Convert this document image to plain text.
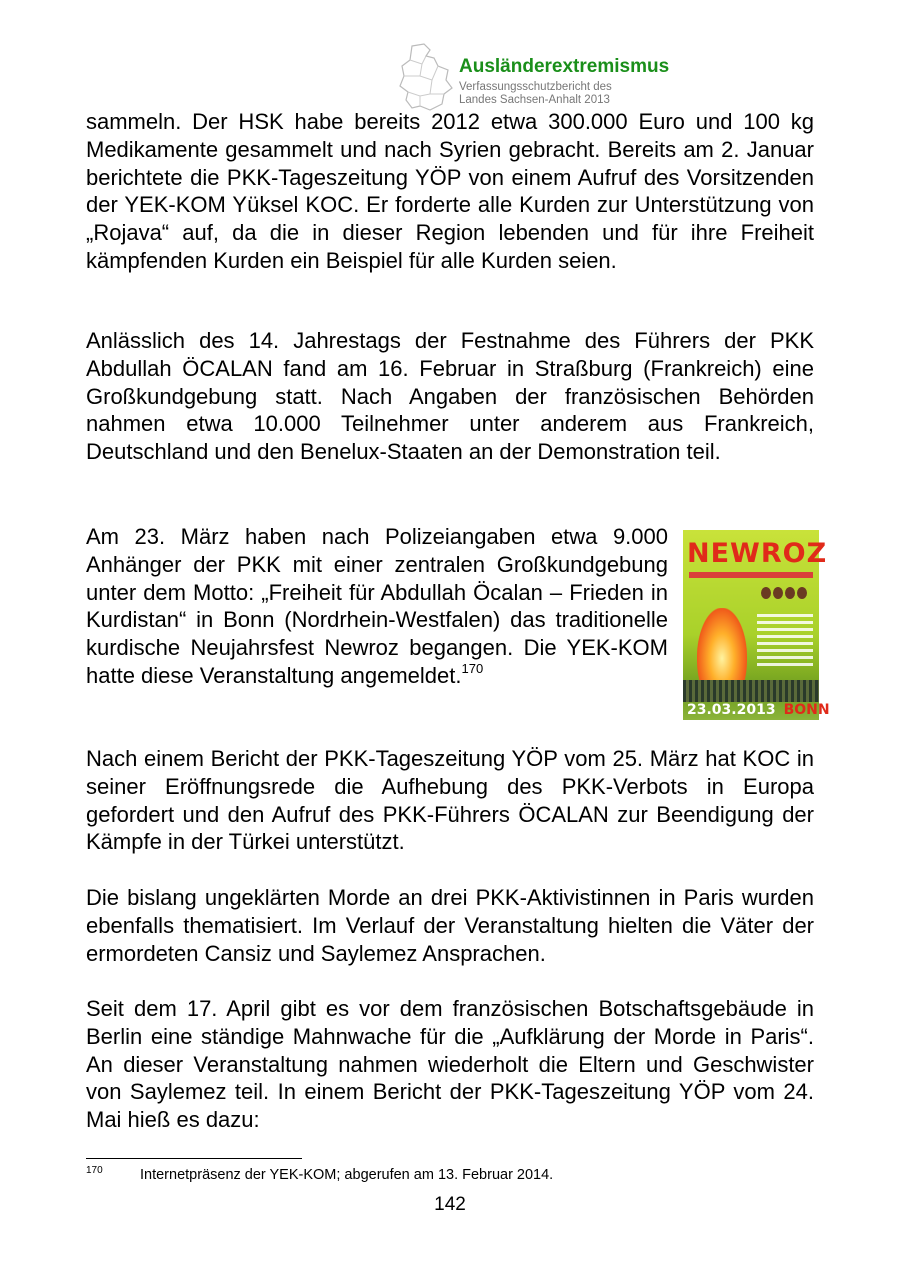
Ausländerextremismus
Verfassungsschutzbericht des
Landes Sachsen-Anhalt 2013

sammeln. Der HSK habe bereits 2012 etwa 300.000 Euro und 100 kg Medikamente gesammelt und nach Syrien gebracht. Bereits am 2. Januar berichtete die PKK-Tageszeitung YÖP von einem Aufruf des Vorsitzenden der YEK-KOM Yüksel KOC. Er forderte alle Kurden zur Unterstützung von „Rojava“ auf, da die in dieser Region lebenden und für ihre Freiheit kämpfenden Kurden ein Beispiel für alle Kurden seien.

Anlässlich des 14. Jahrestags der Festnahme des Führers der PKK Abdullah ÖCALAN fand am 16. Februar in Straßburg (Frankreich) eine Großkundgebung statt. Nach Angaben der französischen Behörden nahmen etwa 10.000 Teilnehmer unter anderem aus Frankreich, Deutschland und den Benelux-Staaten an der Demonstration teil.

Am 23. März haben nach Polizeiangaben etwa 9.000 Anhänger der PKK mit einer zentralen Großkundgebung unter dem Motto: „Freiheit für Abdullah Öcalan – Frieden in Kurdistan“ in Bonn (Nordrhein-Westfalen) das traditionelle kurdische Neujahrsfest Newroz begangen. Die YEK-KOM hatte diese Veranstaltung angemeldet.$^{170}$

NEWROZ
23.03.2013 BONN

Nach einem Bericht der PKK-Tageszeitung YÖP vom 25. März hat KOC in seiner Eröffnungsrede die Aufhebung des PKK-Verbots in Europa gefordert und den Aufruf des PKK-Führers ÖCALAN zur Beendigung der Kämpfe in der Türkei unterstützt.

Die bislang ungeklärten Morde an drei PKK-Aktivistinnen in Paris wurden ebenfalls thematisiert. Im Verlauf der Veranstaltung hielten die Väter der ermordeten Cansiz und Saylemez Ansprachen.

Seit dem 17. April gibt es vor dem französischen Botschaftsgebäude in Berlin eine ständige Mahnwache für die „Aufklärung der Morde in Paris“. An dieser Veranstaltung nahmen wiederholt die Eltern und Geschwister von Saylemez teil. In einem Bericht der PKK-Tageszeitung YÖP vom 24. Mai hieß es dazu:

170	Internetpräsenz der YEK-KOM; abgerufen am 13. Februar 2014.
142
